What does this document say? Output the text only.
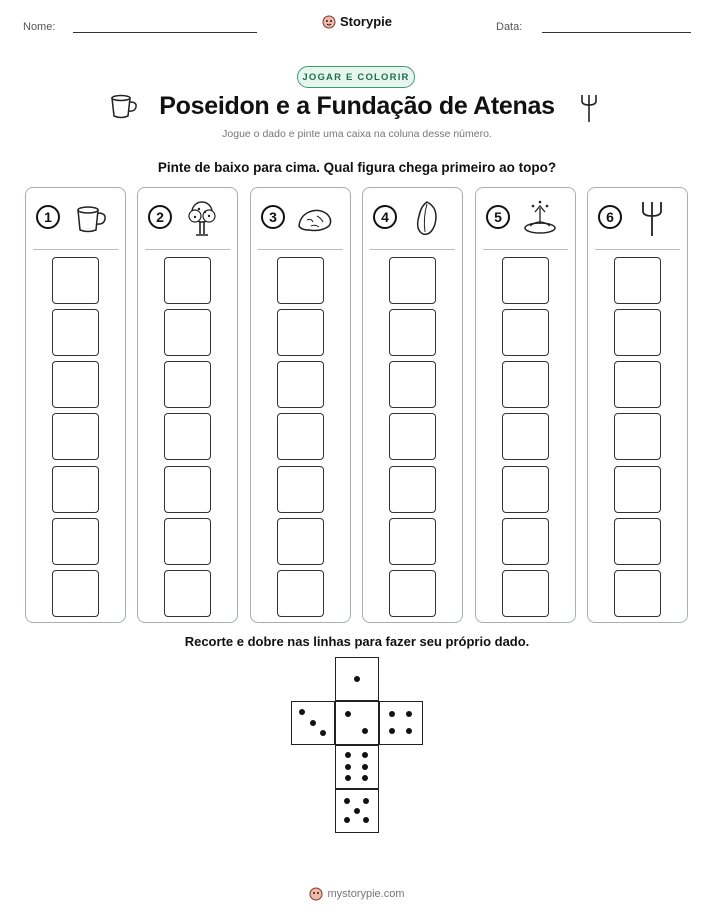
Nome:	Storypie	Data:
JOGAR E COLORIR
Poseidon e a Fundação de Atenas
Jogue o dado e pinte uma caixa na coluna desse número.
Pinte de baixo para cima. Qual figura chega primeiro ao topo?
1	2	3	4	5	6
Recorte e dobre nas linhas para fazer seu próprio dado.
mystorypie.com
